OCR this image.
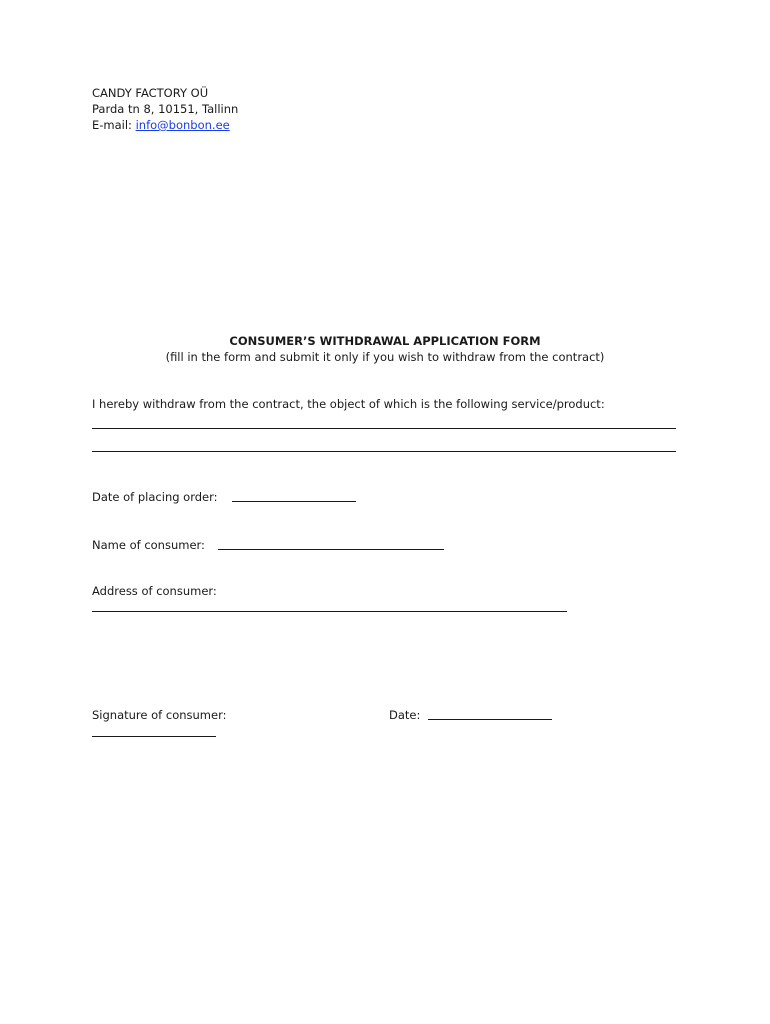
CANDY FACTORY OÜ
Parda tn 8, 10151, Tallinn
E-mail: info@bonbon.ee
CONSUMER’S WITHDRAWAL APPLICATION FORM
(fill in the form and submit it only if you wish to withdraw from the contract)
I hereby withdraw from the contract, the object of which is the following service/product:
Date of placing order:
Name of consumer:
Address of consumer:
Signature of consumer:	Date:
